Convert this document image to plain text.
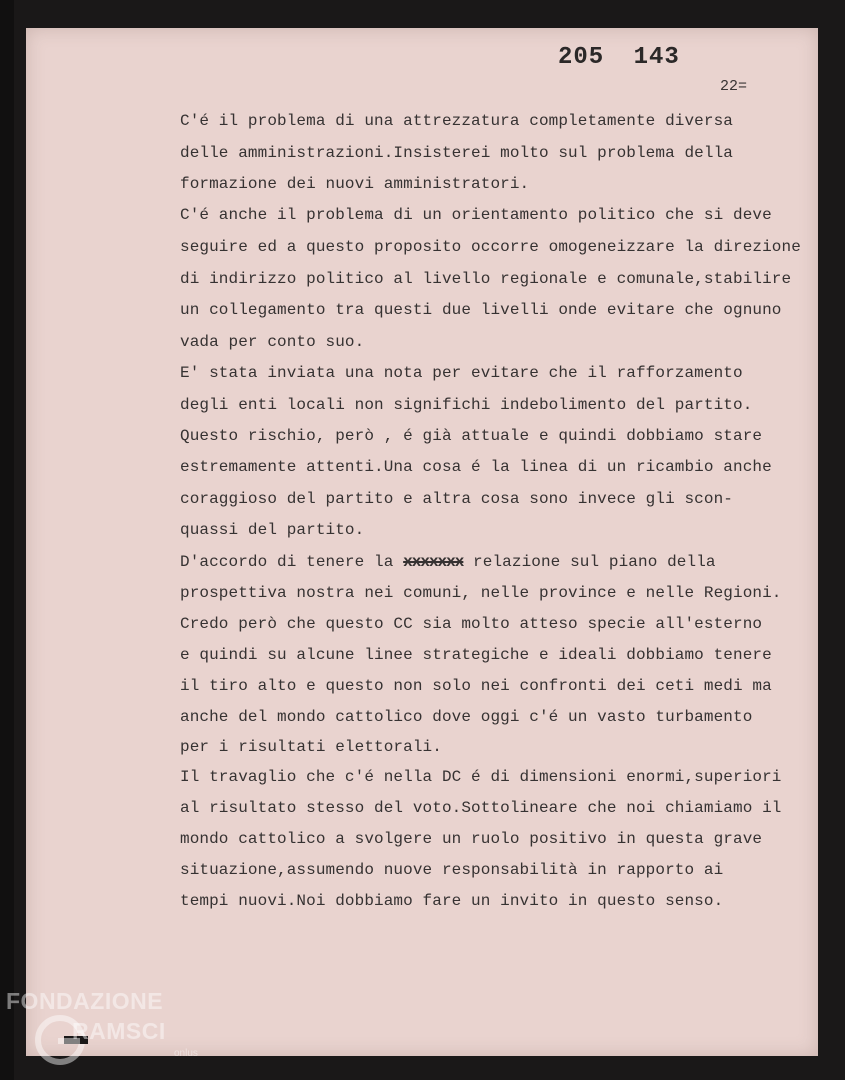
205 143
22=
C'é il problema di una attrezzatura completamente diversa
delle amministrazioni.Insisterei molto sul problema della
formazione dei nuovi amministratori.
C'é anche il problema di un orientamento politico che si deve
seguire ed a questo proposito occorre omogeneizzare la direzione
di indirizzo politico al livello regionale e comunale,stabilire
un collegamento tra questi due livelli onde evitare che ognuno
vada per conto suo.
E' stata inviata una nota per evitare che il rafforzamento
degli enti locali non significhi indebolimento del partito.
Questo rischio, però , é già attuale e quindi dobbiamo stare
estremamente attenti.Una cosa é la linea di un ricambio anche
coraggioso del partito e altra cosa sono invece gli scon-
quassi del partito.
D'accordo di tenere la xxxxxxx relazione sul piano della
prospettiva nostra nei comuni, nelle province e nelle Regioni.
Credo però che questo CC sia molto atteso specie all'esterno
e quindi su alcune linee strategiche e ideali dobbiamo tenere
il tiro alto e questo non solo nei confronti dei ceti medi ma
anche del mondo cattolico dove oggi c'é un vasto turbamento
per i risultati elettorali.
Il travaglio che c'é nella DC é di dimensioni enormi,superiori
al risultato stesso del voto.Sottolineare che noi chiamiamo il
mondo cattolico a svolgere un ruolo positivo in questa grave
situazione,assumendo nuove responsabilità in rapporto ai
tempi nuovi.Noi dobbiamo fare un invito in questo senso.
FONDAZIONE
RAMSCI
onlus
